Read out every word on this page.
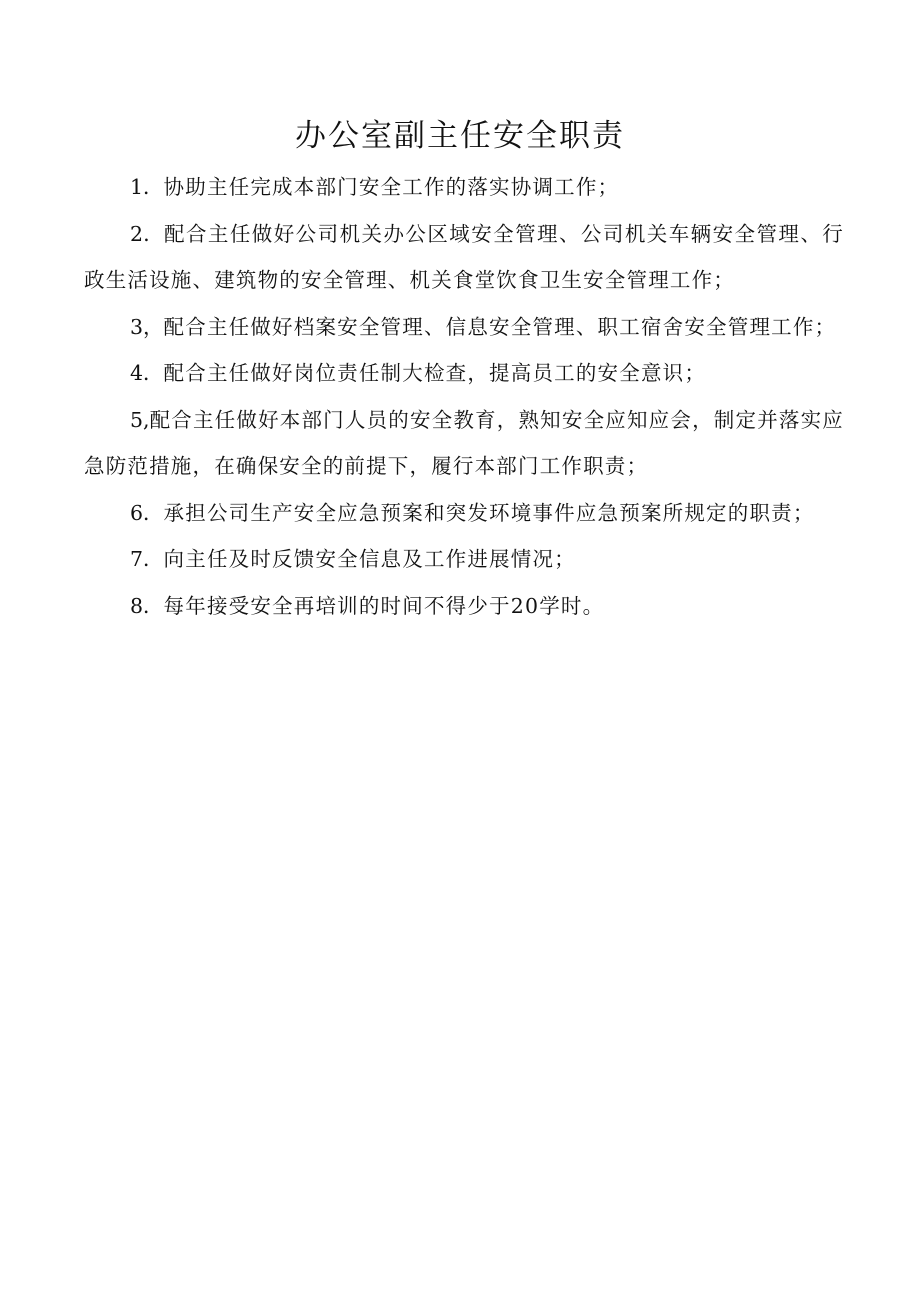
办公室副主任安全职责

1．协助主任完成本部门安全工作的落实协调工作；

2．配合主任做好公司机关办公区域安全管理、公司机关车辆安全管理、行政生活设施、建筑物的安全管理、机关食堂饮食卫生安全管理工作；

3，配合主任做好档案安全管理、信息安全管理、职工宿舍安全管理工作；

4．配合主任做好岗位责任制大检查，提高员工的安全意识；

5,配合主任做好本部门人员的安全教育，熟知安全应知应会，制定并落实应急防范措施，在确保安全的前提下，履行本部门工作职责；

6．承担公司生产安全应急预案和突发环境事件应急预案所规定的职责；

7．向主任及时反馈安全信息及工作进展情况；

8．每年接受安全再培训的时间不得少于20学时。
